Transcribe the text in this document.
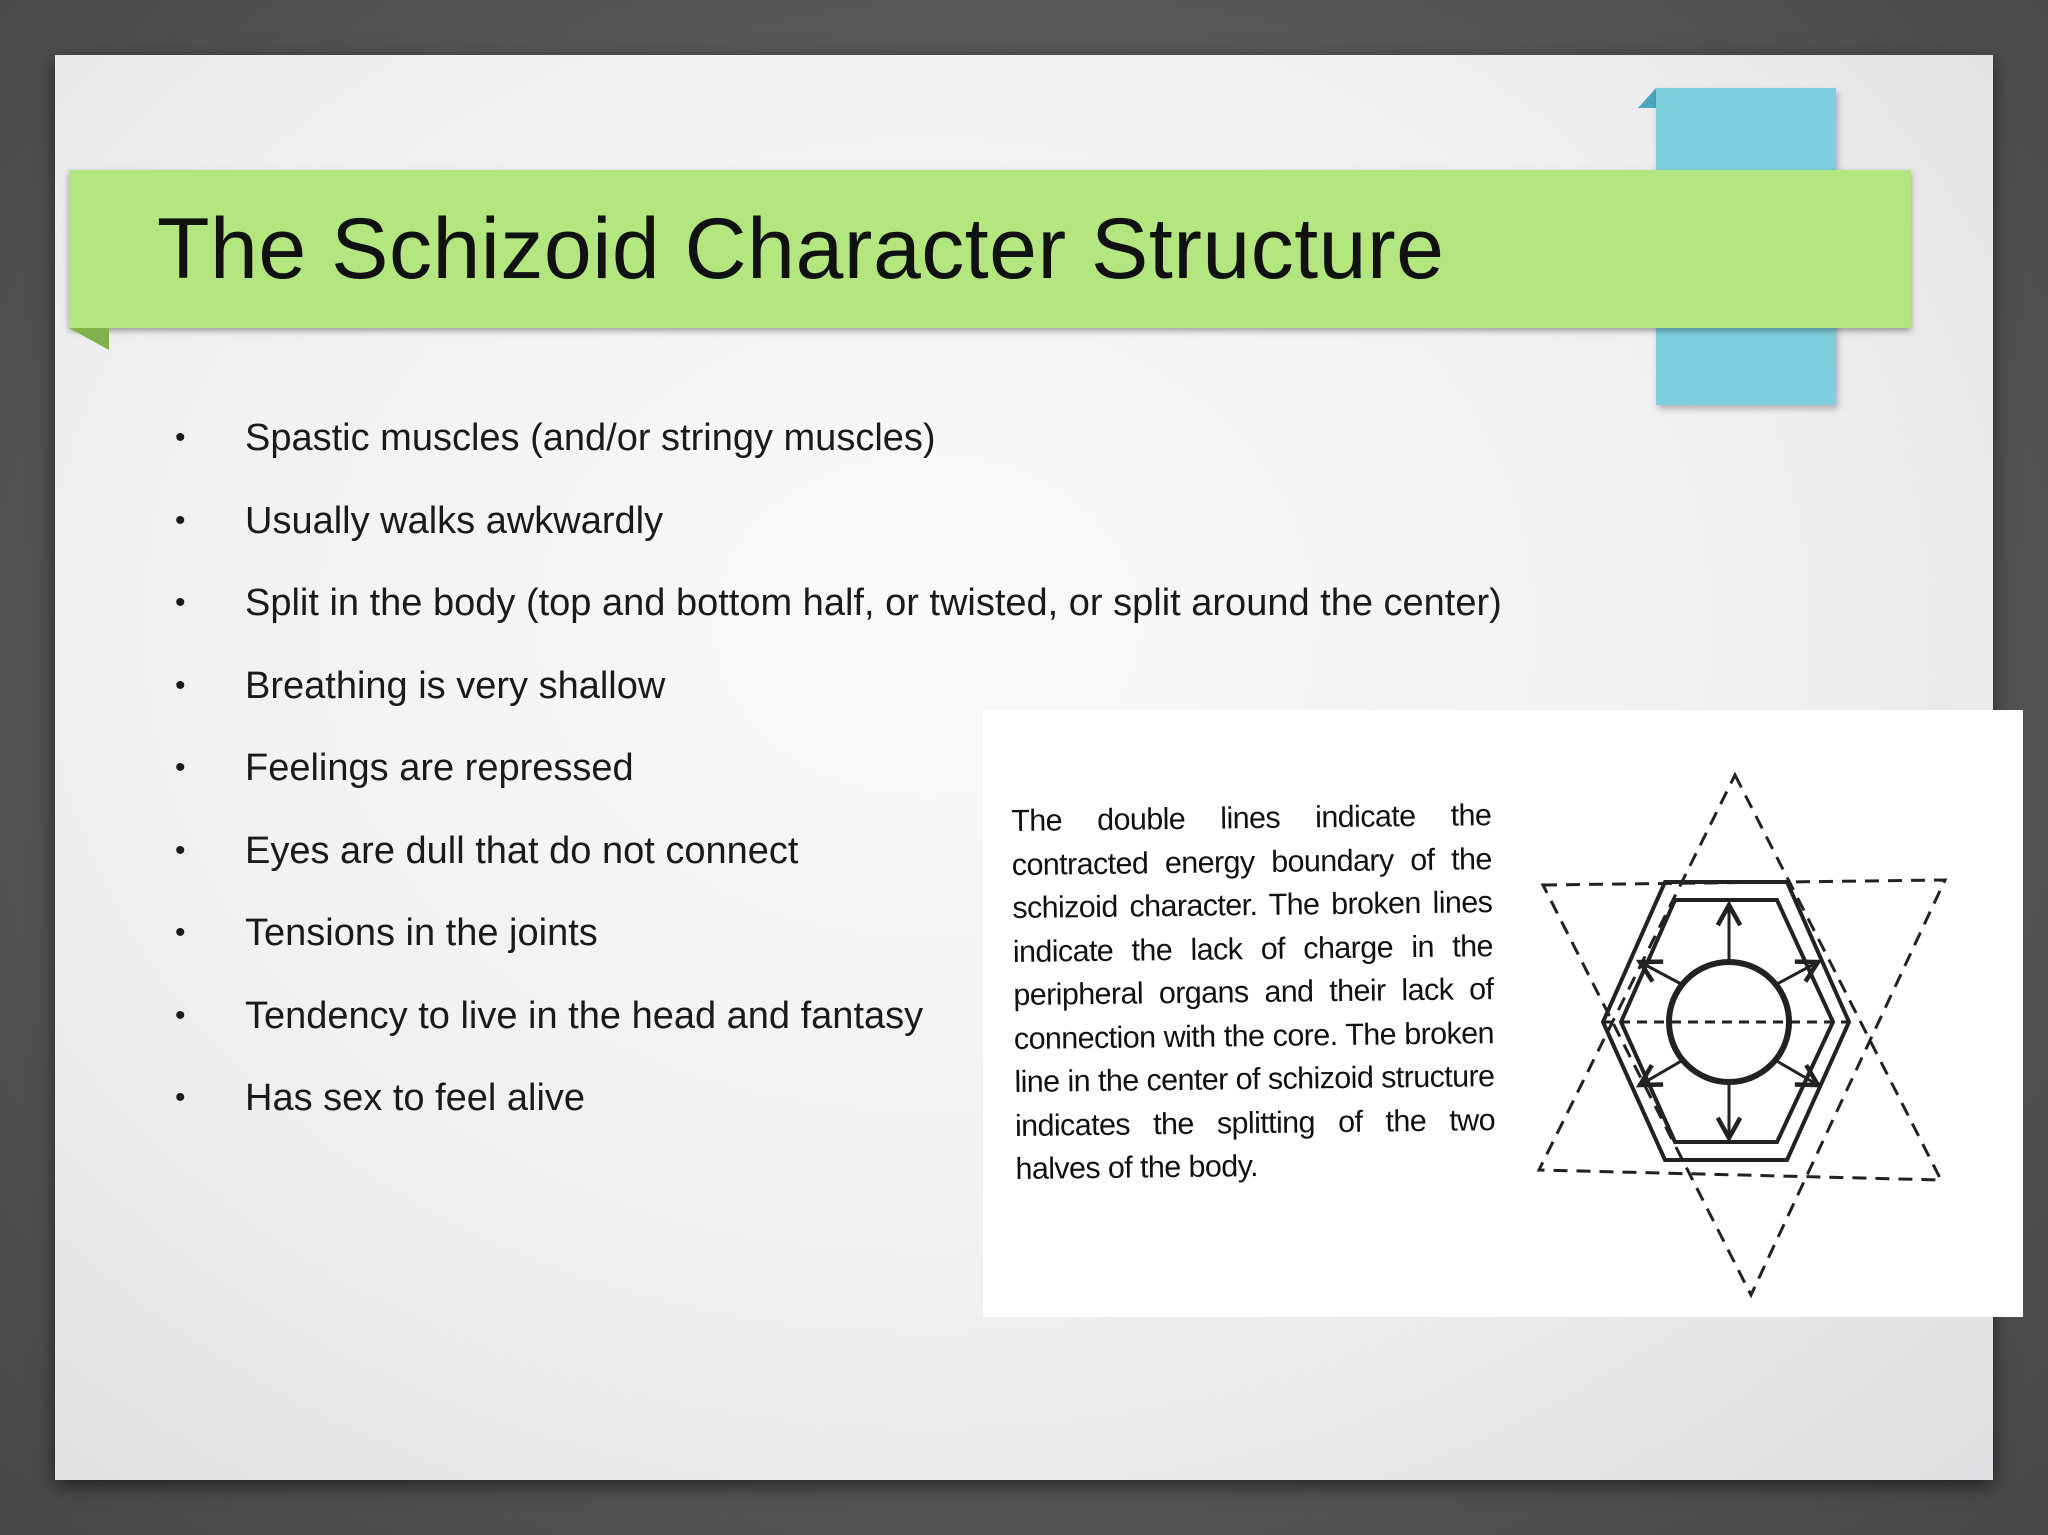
The Schizoid Character Structure
• Spastic muscles (and/or stringy muscles)
• Usually walks awkwardly
• Split in the body (top and bottom half, or twisted, or split around the center)
• Breathing is very shallow
• Feelings are repressed
• Eyes are dull that do not connect
• Tensions in the joints
• Tendency to live in the head and fantasy
• Has sex to feel alive

The double lines indicate the contracted energy boundary of the schizoid character. The broken lines indicate the lack of charge in the peripheral organs and their lack of connection with the core. The broken line in the center of schizoid structure indicates the splitting of the two halves of the body.
